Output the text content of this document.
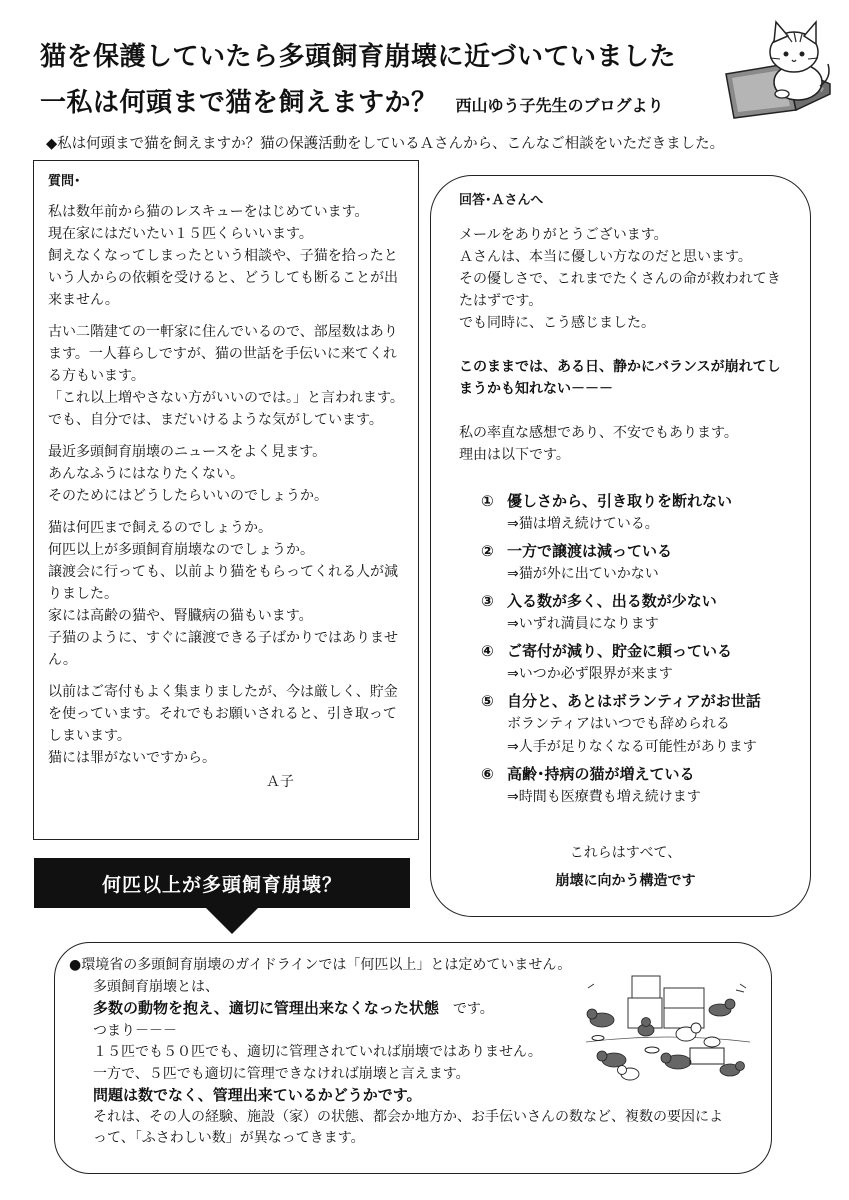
猫を保護していたら多頭飼育崩壊に近づいていました
一私は何頭まで猫を飼えますか？ 西山ゆう子先生のブログより
◆私は何頭まで猫を飼えますか？猫の保護活動をしているＡさんから、こんなご相談をいただきました。
質問･

私は数年前から猫のレスキューをはじめています。
現在家にはだいたい１５匹くらいいます。
飼えなくなってしまったという相談や、子猫を拾ったという人からの依頼を受けると、どうしても断ることが出来ません。

古い二階建ての一軒家に住んでいるので、部屋数はあります。一人暮らしですが、猫の世話を手伝いに来てくれる方もいます。
「これ以上増やさない方がいいのでは。」と言われます。
でも、自分では、まだいけるような気がしています。

最近多頭飼育崩壊のニュースをよく見ます。
あんなふうにはなりたくない。
そのためにはどうしたらいいのでしょうか。

猫は何匹まで飼えるのでしょうか。
何匹以上が多頭飼育崩壊なのでしょうか。
譲渡会に行っても、以前より猫をもらってくれる人が減りました。
家には高齢の猫や、腎臓病の猫もいます。
子猫のように、すぐに譲渡できる子ばかりではありません。

以前はご寄付もよく集まりましたが、今は厳しく、貯金を使っています。それでもお願いされると、引き取ってしまいます。
猫には罪がないですから。

Ａ子
回答･Ａさんへ

メールをありがとうございます。
Ａさんは、本当に優しい方なのだと思います。
その優しさで、これまでたくさんの命が救われてきたはずです。
でも同時に、こう感じました。

このままでは、ある日、静かにバランスが崩れてしまうかも知れない－－－

私の率直な感想であり、不安でもあります。
理由は以下です。

① 優しさから、引き取りを断れない
⇒猫は増え続けている。
② 一方で譲渡は減っている
⇒猫が外に出ていかない
③ 入る数が多く、出る数が少ない
⇒いずれ満員になります
④ ご寄付が減り、貯金に頼っている
⇒いつか必ず限界が来ます
⑤ 自分と、あとはボランティアがお世話
ボランティアはいつでも辞められる
⇒人手が足りなくなる可能性があります
⑥ 高齢･持病の猫が増えている
⇒時間も医療費も増え続けます
これらはすべて、
崩壊に向かう構造です
何匹以上が多頭飼育崩壊？
●環境省の多頭飼育崩壊のガイドラインでは「何匹以上」とは定めていません。
多頭飼育崩壊とは、
多数の動物を抱え、適切に管理出来なくなった状態 です。
つまり－－－
１５匹でも５０匹でも、適切に管理されていれば崩壊ではありません。
一方で、５匹でも適切に管理できなければ崩壊と言えます。
問題は数でなく、管理出来ているかどうかです。
それは、その人の経験、施設（家）の状態、都会か地方か、お手伝いさんの数など、複数の要因によって、「ふさわしい数」が異なってきます。
